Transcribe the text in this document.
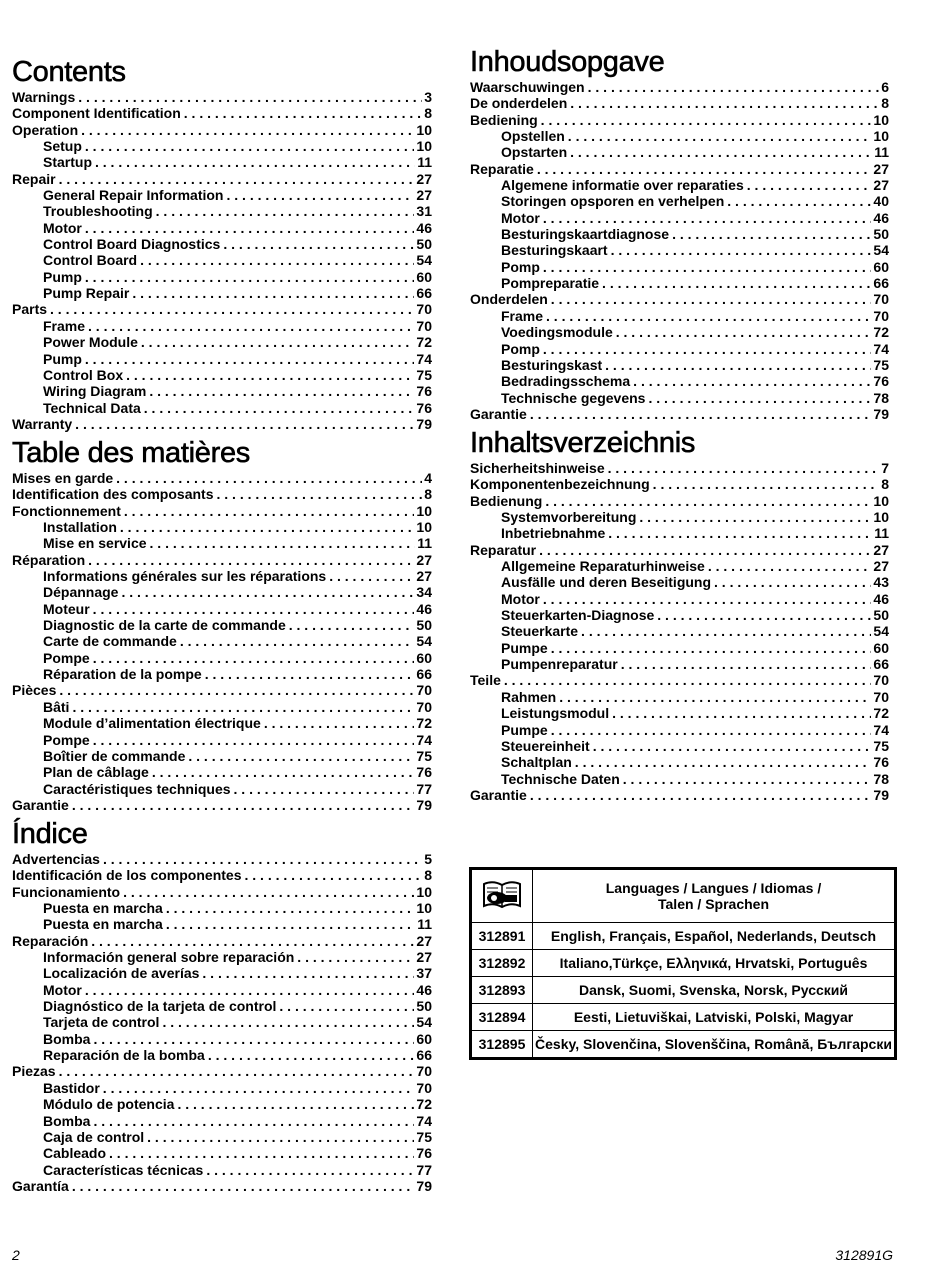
Contents
Warnings . . .	3
Component Identification . . .	8
Operation . . .	10
Setup . . .	10
Startup . . .	11
Repair . . .	27
General Repair Information . . .	27
Troubleshooting . . .	31
Motor . . .	46
Control Board Diagnostics . . .	50
Control Board . . .	54
Pump . . .	60
Pump Repair . . .	66
Parts . . .	70
Frame . . .	70
Power Module . . .	72
Pump . . .	74
Control Box . . .	75
Wiring Diagram . . .	76
Technical Data . . .	76
Warranty . . .	79
Table des matières
Mises en garde . . .	4
Identification des composants . . .	8
Fonctionnement . . .	10
Installation . . .	10
Mise en service . . .	11
Réparation . . .	27
Informations générales sur les réparations . . .	27
Dépannage . . .	34
Moteur . . .	46
Diagnostic de la carte de commande . . .	50
Carte de commande . . .	54
Pompe . . .	60
Réparation de la pompe . . .	66
Pièces . . .	70
Bâti . . .	70
Module d’alimentation électrique . . .	72
Pompe . . .	74
Boîtier de commande . . .	75
Plan de câblage . . .	76
Caractéristiques techniques . . .	77
Garantie . . .	79
Índice
Advertencias . . .	5
Identificación de los componentes . . .	8
Funcionamiento . . .	10
Puesta en marcha . . .	10
Puesta en marcha . . .	11
Reparación . . .	27
Información general sobre reparación . . .	27
Localización de averías . . .	37
Motor . . .	46
Diagnóstico de la tarjeta de control . . .	50
Tarjeta de control . . .	54
Bomba . . .	60
Reparación de la bomba . . .	66
Piezas . . .	70
Bastidor . . .	70
Módulo de potencia . . .	72
Bomba . . .	74
Caja de control . . .	75
Cableado . . .	76
Características técnicas . . .	77
Garantía . . .	79
Inhoudsopgave
Waarschuwingen . . .	6
De onderdelen . . .	8
Bediening . . .	10
Opstellen . . .	10
Opstarten . . .	11
Reparatie . . .	27
Algemene informatie over reparaties . . .	27
Storingen opsporen en verhelpen . . .	40
Motor . . .	46
Besturingskaartdiagnose . . .	50
Besturingskaart . . .	54
Pomp . . .	60
Pompreparatie . . .	66
Onderdelen . . .	70
Frame . . .	70
Voedingsmodule . . .	72
Pomp . . .	74
Besturingskast . . .	75
Bedradingsschema . . .	76
Technische gegevens . . .	78
Garantie . . .	79
Inhaltsverzeichnis
Sicherheitshinweise . . .	7
Komponentenbezeichnung . . .	8
Bedienung . . .	10
Systemvorbereitung . . .	10
Inbetriebnahme . . .	11
Reparatur . . .	27
Allgemeine Reparaturhinweise . . .	27
Ausfälle und deren Beseitigung . . .	43
Motor . . .	46
Steuerkarten-Diagnose . . .	50
Steuerkarte . . .	54
Pumpe . . .	60
Pumpenreparatur . . .	66
Teile . . .	70
Rahmen . . .	70
Leistungsmodul . . .	72
Pumpe . . .	74
Steuereinheit . . .	75
Schaltplan . . .	76
Technische Daten . . .	78
Garantie . . .	79

Languages / Langues / Idiomas /
Talen / Sprachen

312891	English, Français, Español, Nederlands, Deutsch
312892	Italiano,Türkçe, Ελληνικά, Hrvatski, Português
312893	Dansk, Suomi, Svenska, Norsk, Русский
312894	Eesti, Lietuviškai, Latviski, Polski, Magyar
312895	Česky, Slovenčina, Slovenščina, Română, Български
2	312891G
